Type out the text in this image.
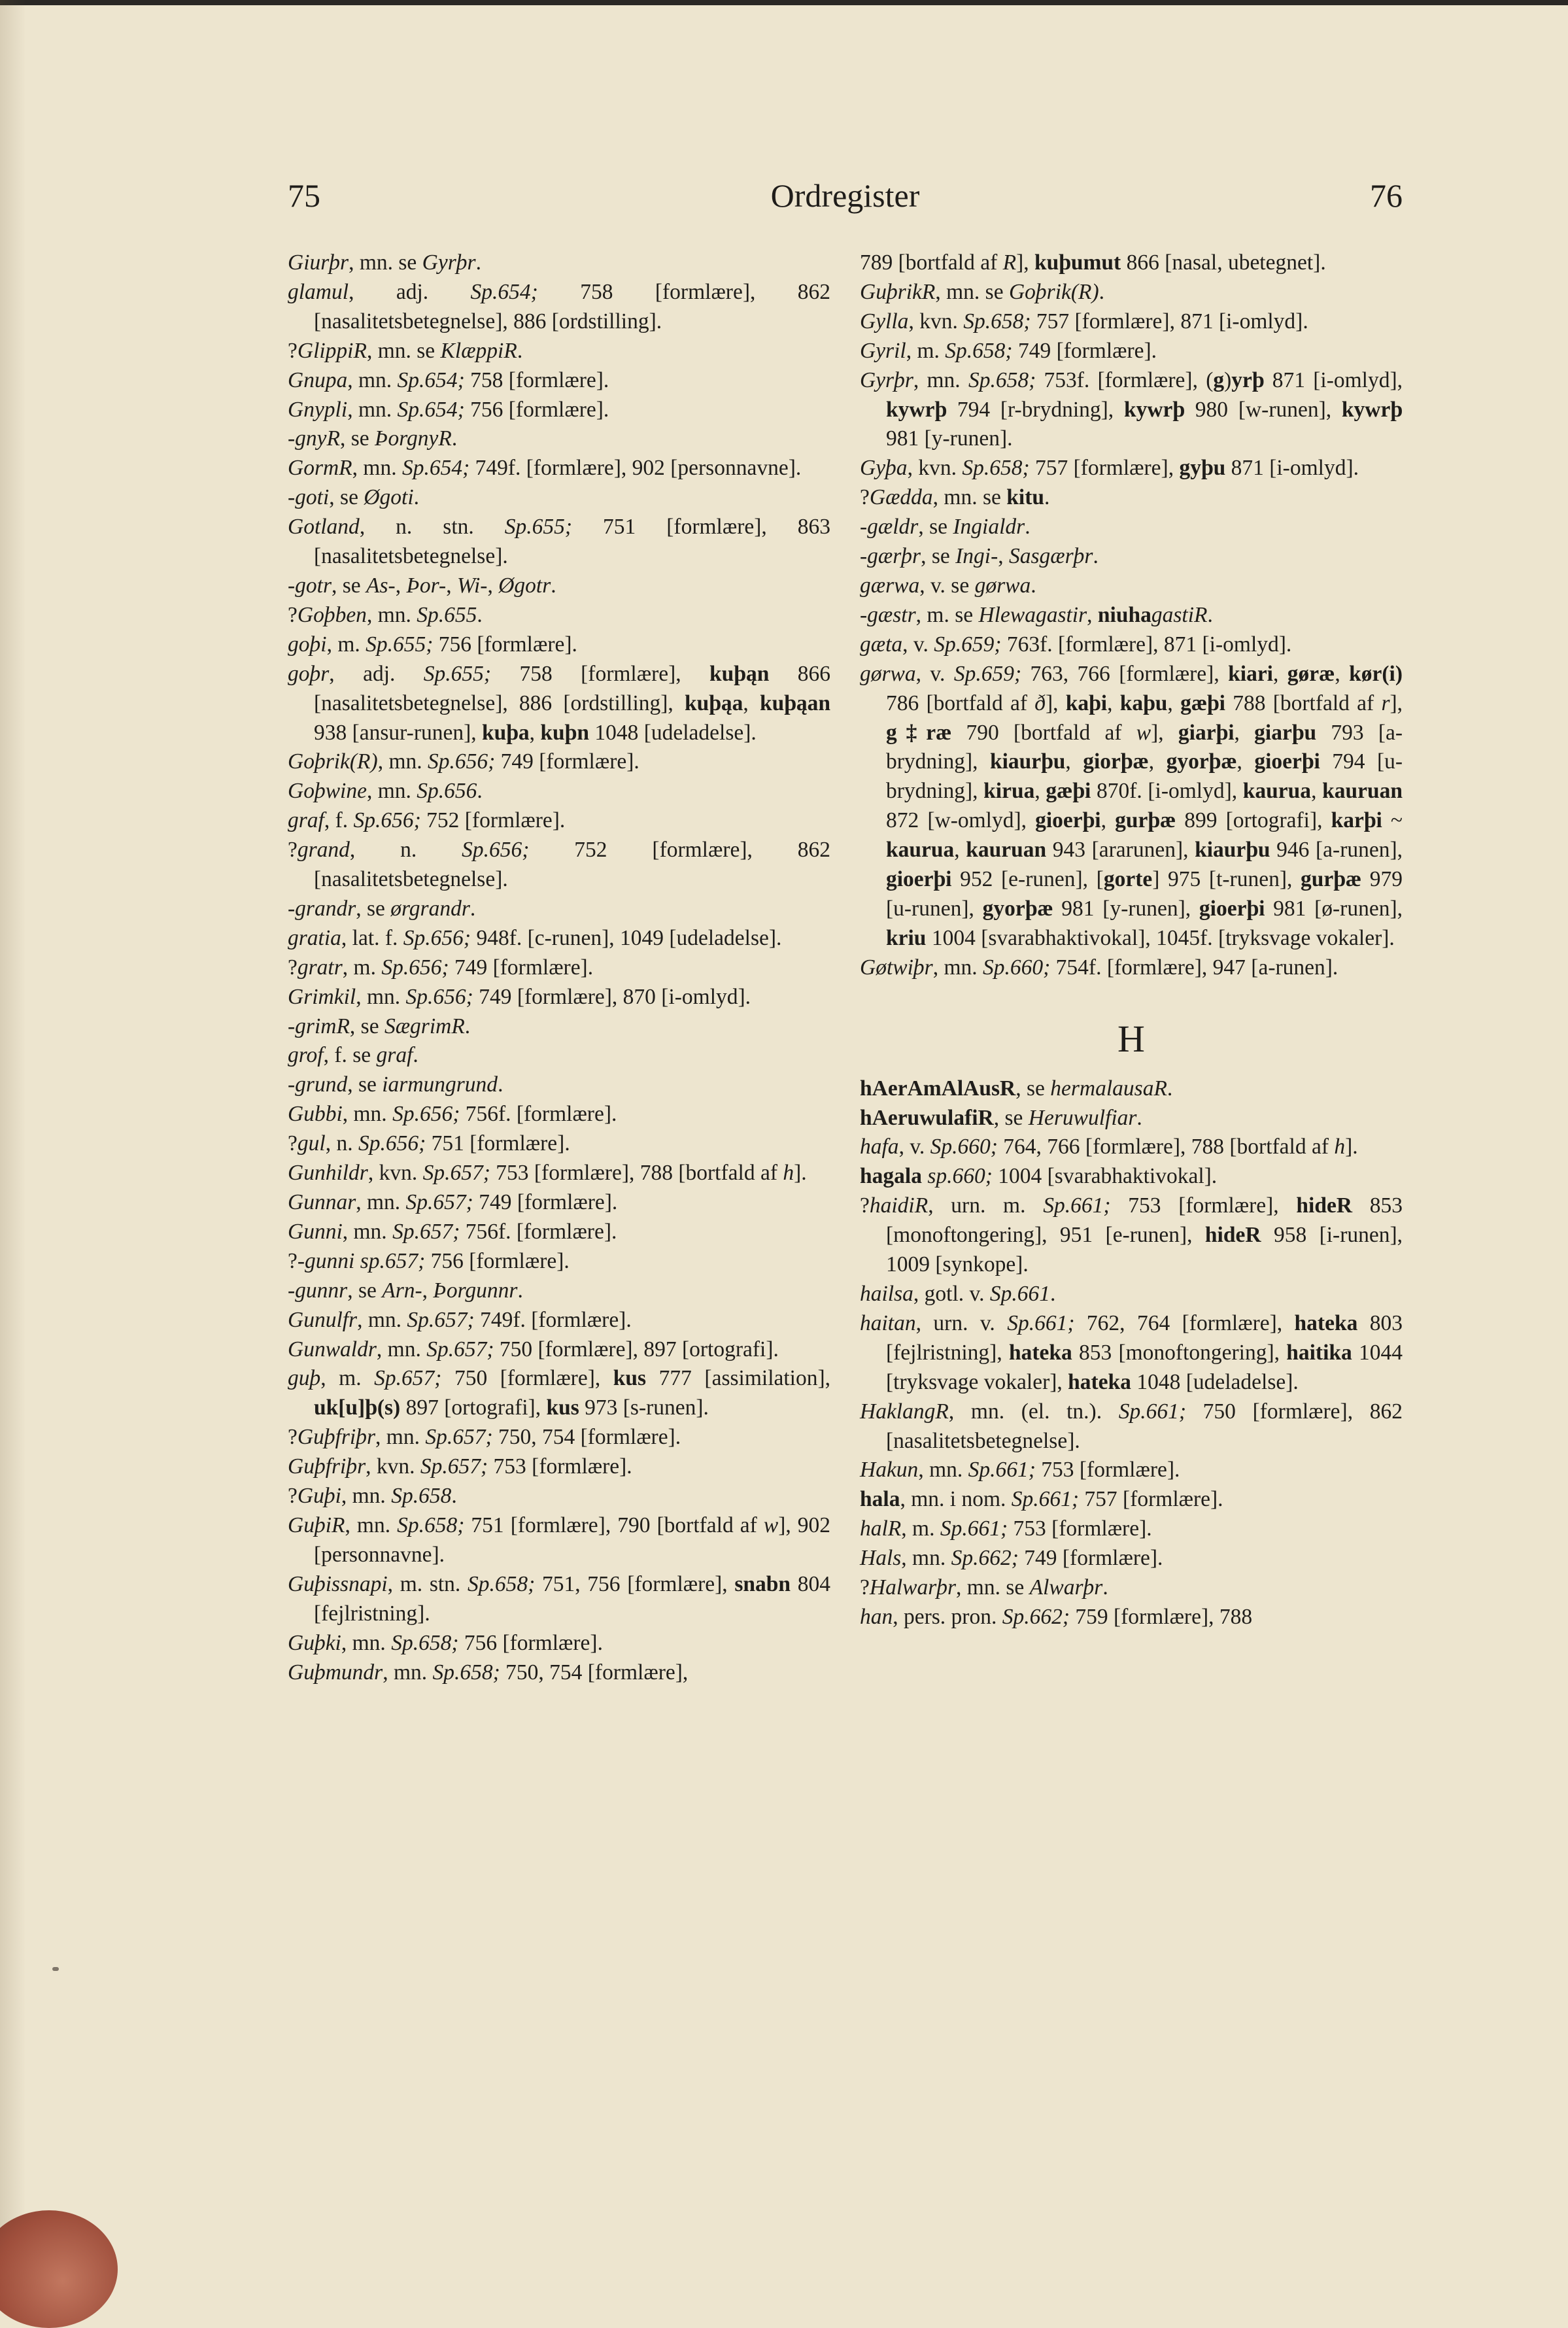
75	Ordregister	76
Giurþr, mn. se Gyrþr.
glamul, adj. Sp.654; 758 [formlære], 862 [nasalitetsbetegnelse], 886 [ordstilling].
?GlippiR, mn. se KlæppiR.
Gnupa, mn. Sp.654; 758 [formlære].
Gnypli, mn. Sp.654; 756 [formlære].
-gnyR, se ÞorgnyR.
GormR, mn. Sp.654; 749f. [formlære], 902 [personnavne].
-goti, se Øgoti.
Gotland, n. stn. Sp.655; 751 [formlære], 863 [nasalitetsbetegnelse].
-gotr, se As-, Þor-, Wi-, Øgotr.
?Goþben, mn. Sp.655.
goþi, m. Sp.655; 756 [formlære].
goþr, adj. Sp.655; 758 [formlære], kuþąn 866 [nasalitetsbetegnelse], 886 [ordstilling], kuþąa, kuþąan 938 [ansur-runen], kuþa, kuþn 1048 [udeladelse].
Goþrik(R), mn. Sp.656; 749 [formlære].
Goþwine, mn. Sp.656.
graf, f. Sp.656; 752 [formlære].
?grand, n. Sp.656; 752 [formlære], 862 [nasalitetsbetegnelse].
-grandr, se ørgrandr.
gratia, lat. f. Sp.656; 948f. [c-runen], 1049 [udeladelse].
?gratr, m. Sp.656; 749 [formlære].
Grimkil, mn. Sp.656; 749 [formlære], 870 [i-omlyd].
-grimR, se SægrimR.
grof, f. se graf.
-grund, se iarmungrund.
Gubbi, mn. Sp.656; 756f. [formlære].
?gul, n. Sp.656; 751 [formlære].
Gunhildr, kvn. Sp.657; 753 [formlære], 788 [bortfald af h].
Gunnar, mn. Sp.657; 749 [formlære].
Gunni, mn. Sp.657; 756f. [formlære].
?-gunni sp.657; 756 [formlære].
-gunnr, se Arn-, Þorgunnr.
Gunulfr, mn. Sp.657; 749f. [formlære].
Gunwaldr, mn. Sp.657; 750 [formlære], 897 [ortografi].
guþ, m. Sp.657; 750 [formlære], kus 777 [assimilation], uk[u]þ(s) 897 [ortografi], kus 973 [s-runen].
?Guþfriþr, mn. Sp.657; 750, 754 [formlære].
Guþfriþr, kvn. Sp.657; 753 [formlære].
?Guþi, mn. Sp.658.
GuþiR, mn. Sp.658; 751 [formlære], 790 [bortfald af w], 902 [personnavne].
Guþissnapi, m. stn. Sp.658; 751, 756 [formlære], snabn 804 [fejlristning].
Guþki, mn. Sp.658; 756 [formlære].
Guþmundr, mn. Sp.658; 750, 754 [formlære],
789 [bortfald af R], kuþumut 866 [nasal, ubetegnet].
GuþrikR, mn. se Goþrik(R).
Gylla, kvn. Sp.658; 757 [formlære], 871 [i-omlyd].
Gyril, m. Sp.658; 749 [formlære].
Gyrþr, mn. Sp.658; 753f. [formlære], (g)yrþ 871 [i-omlyd], kywrþ 794 [r-brydning], kywrþ 980 [w-runen], kywrþ 981 [y-runen].
Gyþa, kvn. Sp.658; 757 [formlære], gyþu 871 [i-omlyd].
?Gædda, mn. se kitu.
-gældr, se Ingialdr.
-gærþr, se Ingi-, Sasgærþr.
gærwa, v. se gørwa.
-gæstr, m. se Hlewagastir, niuhagastiR.
gæta, v. Sp.659; 763f. [formlære], 871 [i-omlyd].
gørwa, v. Sp.659; 763, 766 [formlære], kiari, gøræ, kør(i) 786 [bortfald af ð], kaþi, kaþu, gæþi 788 [bortfald af r], g‡ræ 790 [bortfald af w], giarþi, giarþu 793 [a-brydning], kiaurþu, giorþæ, gyorþæ, gioerþi 794 [u-brydning], kirua, gæþi 870f. [i-omlyd], kaurua, kauruan 872 [w-omlyd], gioerþi, gurþæ 899 [ortografi], karþi ~ kaurua, kauruan 943 [ararunen], kiaurþu 946 [a-runen], gioerþi 952 [e-runen], [gorte] 975 [t-runen], gurþæ 979 [u-runen], gyorþæ 981 [y-runen], gioerþi 981 [ø-runen], kriu 1004 [svarabhaktivokal], 1045f. [tryksvage vokaler].
Gøtwiþr, mn. Sp.660; 754f. [formlære], 947 [a-runen].
H
hAerAmAlAusR, se hermalausaR.
hAeruwulafiR, se Heruwulfiar.
hafa, v. Sp.660; 764, 766 [formlære], 788 [bortfald af h].
hagala sp.660; 1004 [svarabhaktivokal].
?haidiR, urn. m. Sp.661; 753 [formlære], hideR 853 [monoftongering], 951 [e-runen], hideR 958 [i-runen], 1009 [synkope].
hailsa, gotl. v. Sp.661.
haitan, urn. v. Sp.661; 762, 764 [formlære], hateka 803 [fejlristning], hateka 853 [monoftongering], haitika 1044 [tryksvage vokaler], hateka 1048 [udeladelse].
HaklangR, mn. (el. tn.). Sp.661; 750 [formlære], 862 [nasalitetsbetegnelse].
Hakun, mn. Sp.661; 753 [formlære].
hala, mn. i nom. Sp.661; 757 [formlære].
halR, m. Sp.661; 753 [formlære].
Hals, mn. Sp.662; 749 [formlære].
?Halwarþr, mn. se Alwarþr.
han, pers. pron. Sp.662; 759 [formlære], 788
